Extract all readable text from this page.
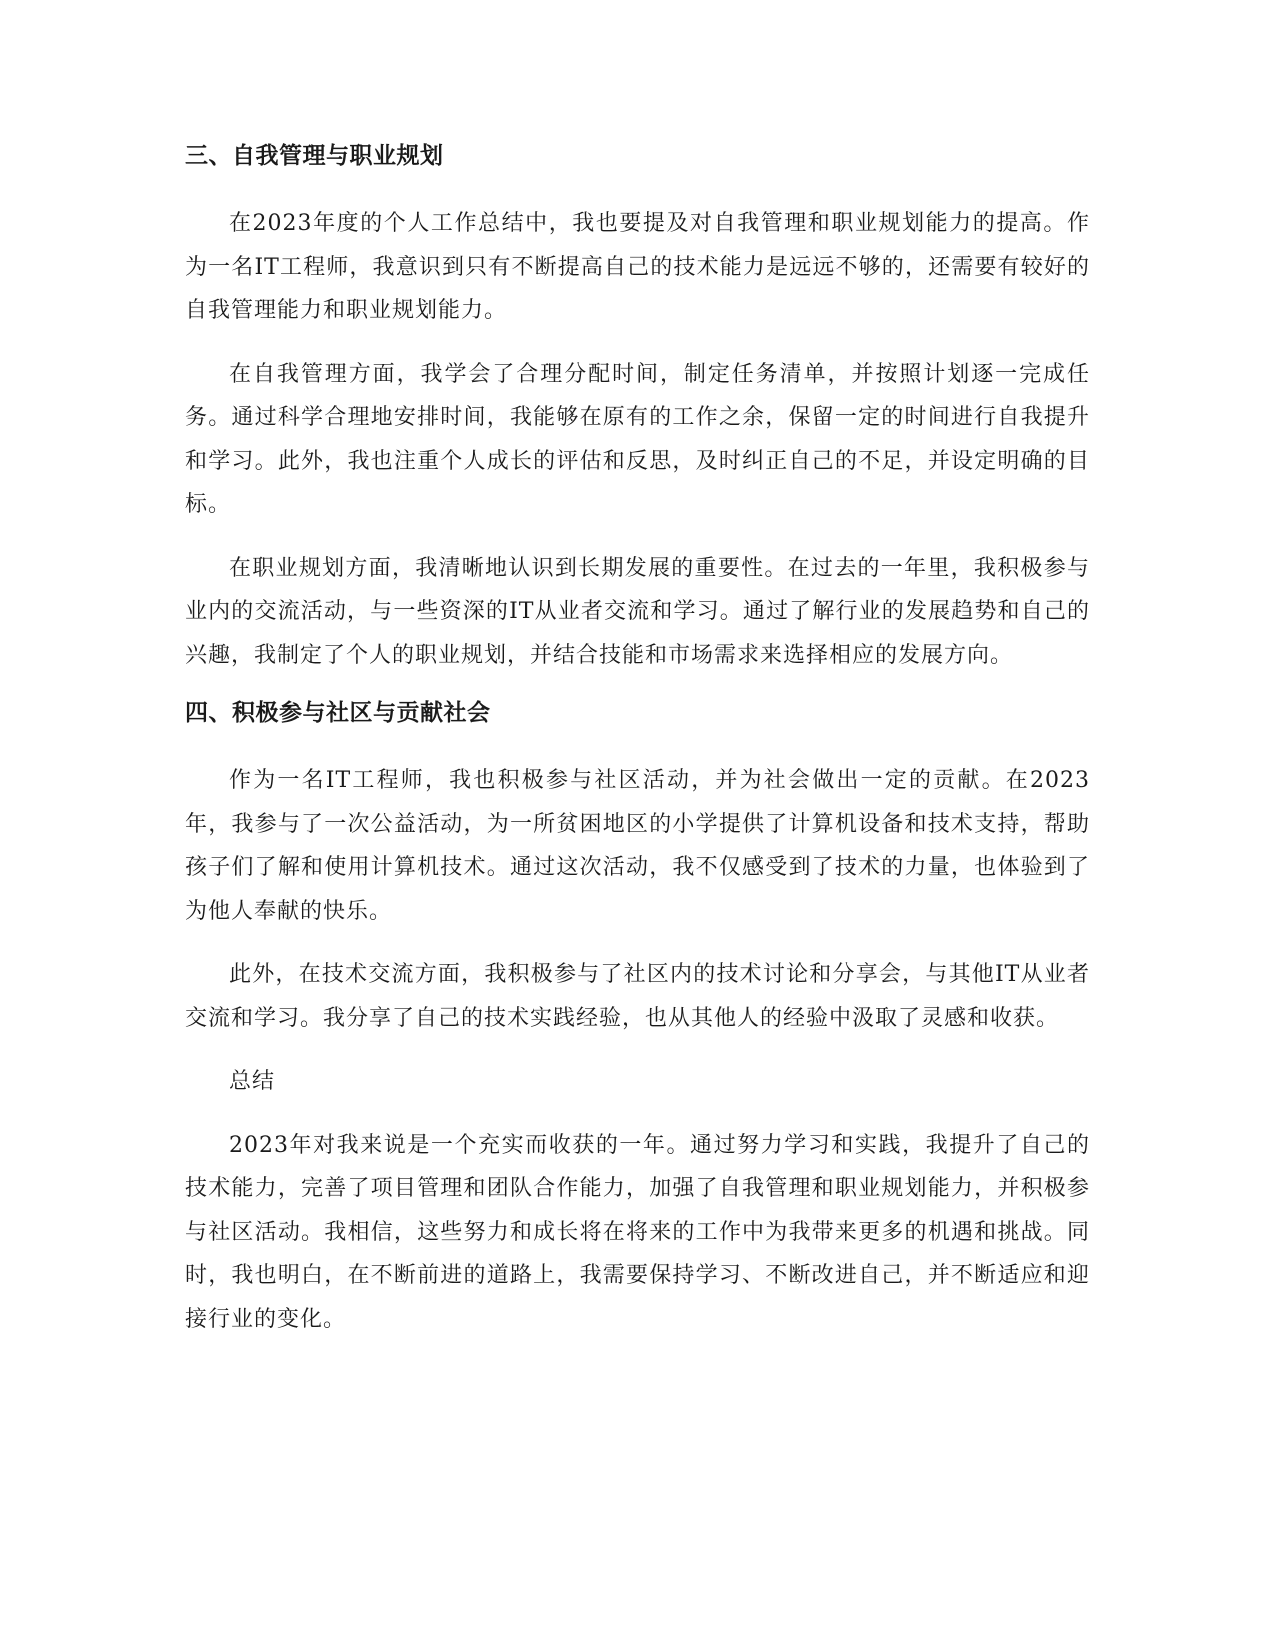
三、自我管理与职业规划

在2023年度的个人工作总结中，我也要提及对自我管理和职业规划能力的提高。作为一名IT工程师，我意识到只有不断提高自己的技术能力是远远不够的，还需要有较好的自我管理能力和职业规划能力。

在自我管理方面，我学会了合理分配时间，制定任务清单，并按照计划逐一完成任务。通过科学合理地安排时间，我能够在原有的工作之余，保留一定的时间进行自我提升和学习。此外，我也注重个人成长的评估和反思，及时纠正自己的不足，并设定明确的目标。

在职业规划方面，我清晰地认识到长期发展的重要性。在过去的一年里，我积极参与业内的交流活动，与一些资深的IT从业者交流和学习。通过了解行业的发展趋势和自己的兴趣，我制定了个人的职业规划，并结合技能和市场需求来选择相应的发展方向。

四、积极参与社区与贡献社会

作为一名IT工程师，我也积极参与社区活动，并为社会做出一定的贡献。在2023年，我参与了一次公益活动，为一所贫困地区的小学提供了计算机设备和技术支持，帮助孩子们了解和使用计算机技术。通过这次活动，我不仅感受到了技术的力量，也体验到了为他人奉献的快乐。

此外，在技术交流方面，我积极参与了社区内的技术讨论和分享会，与其他IT从业者交流和学习。我分享了自己的技术实践经验，也从其他人的经验中汲取了灵感和收获。

总结

2023年对我来说是一个充实而收获的一年。通过努力学习和实践，我提升了自己的技术能力，完善了项目管理和团队合作能力，加强了自我管理和职业规划能力，并积极参与社区活动。我相信，这些努力和成长将在将来的工作中为我带来更多的机遇和挑战。同时，我也明白，在不断前进的道路上，我需要保持学习、不断改进自己，并不断适应和迎接行业的变化。
